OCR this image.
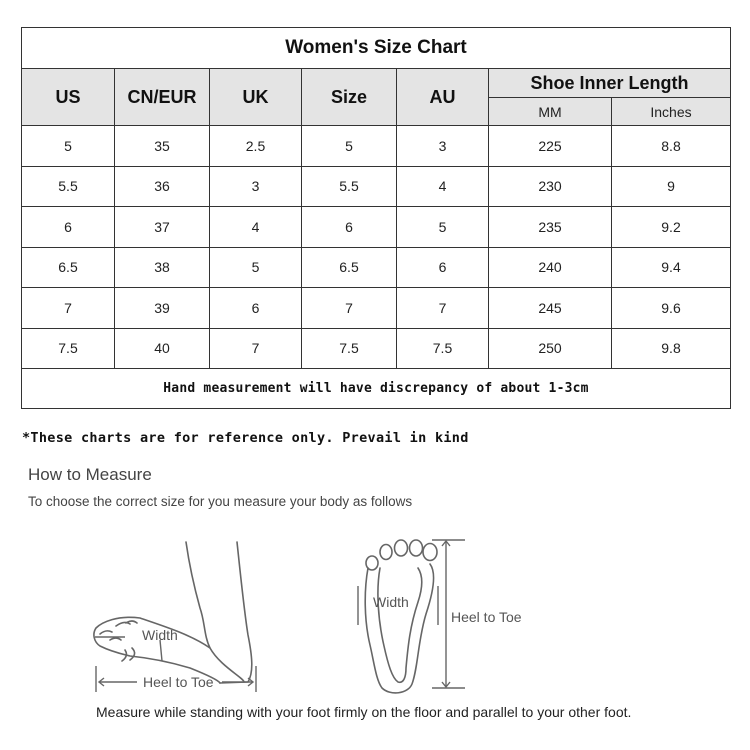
Women's Size Chart						
US	CN/EUR	UK	Size	AU	Shoe Inner Length	
					MM	Inches
5	35	2.5	5	3	225	8.8
5.5	36	3	5.5	4	230	9
6	37	4	6	5	235	9.2
6.5	38	5	6.5	6	240	9.4
7	39	6	7	7	245	9.6
7.5	40	7	7.5	7.5	250	9.8
Hand measurement will have discrepancy of about 1-3cm						
*These charts are for reference only. Prevail in kind
How to Measure
To choose the correct size for you measure your body as follows
Width
Heel to Toe
Width
Heel to Toe
Measure while standing with your foot firmly on the floor and parallel to your other foot.
